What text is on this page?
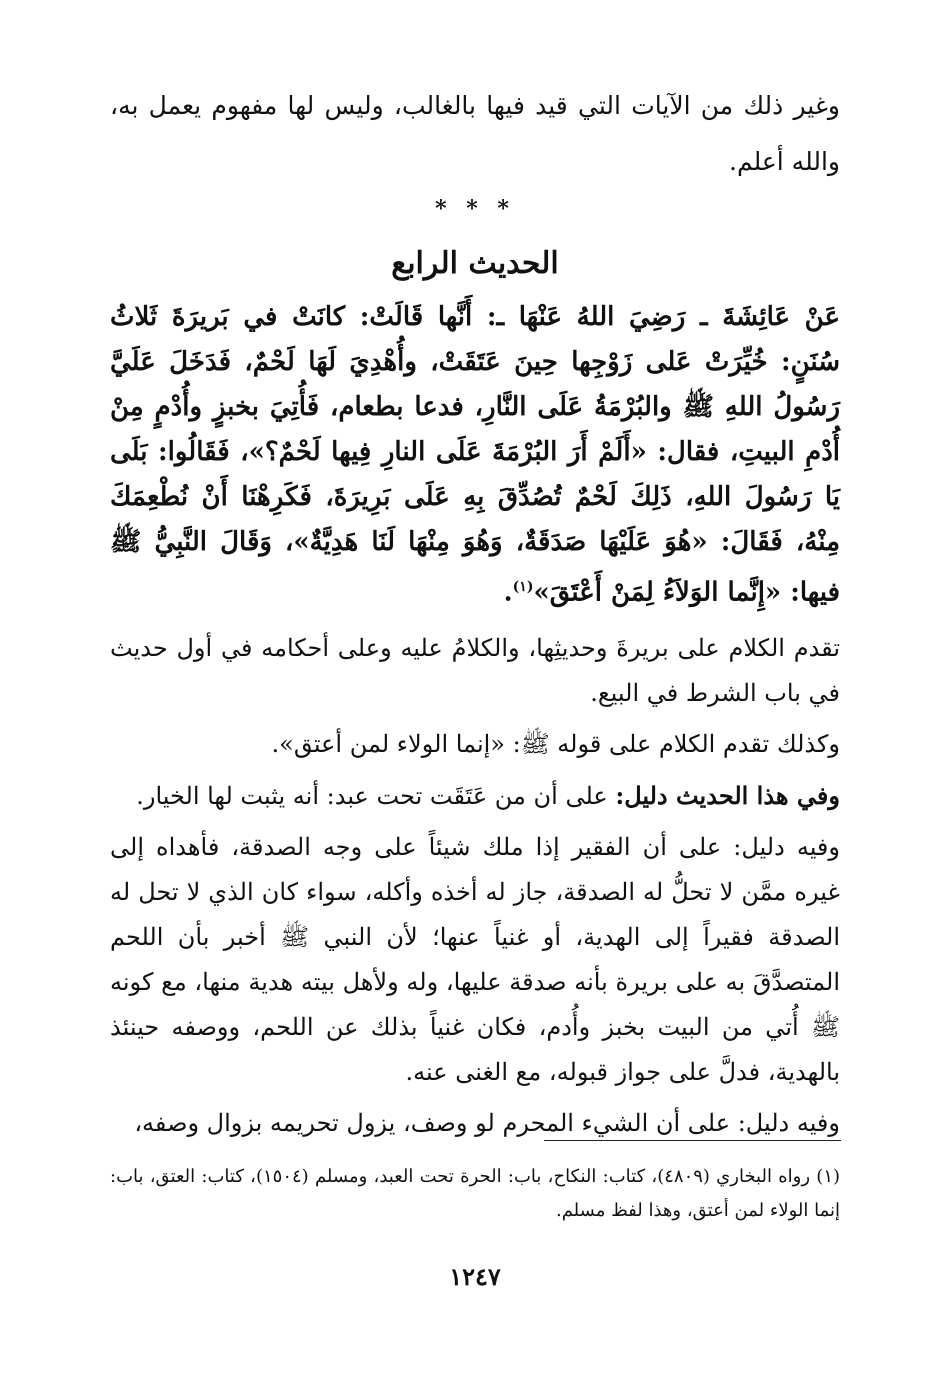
وغير ذلك من الآيات التي قيد فيها بالغالب، وليس لها مفهوم يعمل به، والله أعلم.

* * *
الحديث الرابع

عَنْ عَائِشَةَ ـ رَضِيَ اللهُ عَنْهَا ـ: أَنَّها قَالَتْ: كانَتْ في بَريرَةَ ثَلاثُ سُنَنٍ: خُيِّرَتْ عَلى زَوْجِها حِينَ عَتَقَتْ، وأُهْدِيَ لَهَا لَحْمٌ، فَدَخَلَ عَلَيَّ رَسُولُ اللهِ ﷺ والبُرْمَةُ عَلَى النَّارِ، فدعا بطعام، فَأُتِيَ بخبزٍ وأُدْمٍ مِنْ أُدْمِ البيتِ، فقال: «أَلَمْ أَرَ البُرْمَةَ عَلَى النارِ فِيها لَحْمٌ؟»، فَقَالُوا: بَلَى يَا رَسُولَ اللهِ، ذَلِكَ لَحْمٌ تُصُدِّقَ بِهِ عَلَى بَرِيرَةَ، فَكَرِهْنَا أَنْ نُطْعِمَكَ مِنْهُ، فَقَالَ: «هُوَ عَلَيْهَا صَدَقَةٌ، وَهُوَ مِنْهَا لَنَا هَدِيَّةٌ»، وَقَالَ النَّبِيُّ ﷺ فيها: «إِنَّما الوَلاَءُ لِمَنْ أَعْتَقَ»$^{(١)}$.

تقدم الكلام على بريرةَ وحديثِها، والكلامُ عليه وعلى أحكامه في أول حديث في باب الشرط في البيع.

وكذلك تقدم الكلام على قوله ﷺ: «إنما الولاء لمن أعتق».

وفي هذا الحديث دليل: على أن من عَتَقَت تحت عبد: أنه يثبت لها الخيار.

وفيه دليل: على أن الفقير إذا ملك شيئاً على وجه الصدقة، فأهداه إلى غيره ممَّن لا تحلُّ له الصدقة، جاز له أخذه وأكله، سواء كان الذي لا تحل له الصدقة فقيراً إلى الهدية، أو غنياً عنها؛ لأن النبي ﷺ أخبر بأن اللحم المتصدَّقَ به على بريرة بأنه صدقة عليها، وله ولأهل بيته هدية منها، مع كونه ﷺ أُتي من البيت بخبز وأُدم، فكان غنياً بذلك عن اللحم، ووصفه حينئذ بالهدية، فدلَّ على جواز قبوله، مع الغنى عنه.

وفيه دليل: على أن الشيء المحرم لو وصف، يزول تحريمه بزوال وصفه،

(١) رواه البخاري (٤٨٠٩)، كتاب: النكاح، باب: الحرة تحت العبد، ومسلم (١٥٠٤)، كتاب: العتق، باب: إنما الولاء لمن أعتق، وهذا لفظ مسلم.
١٢٤٧
